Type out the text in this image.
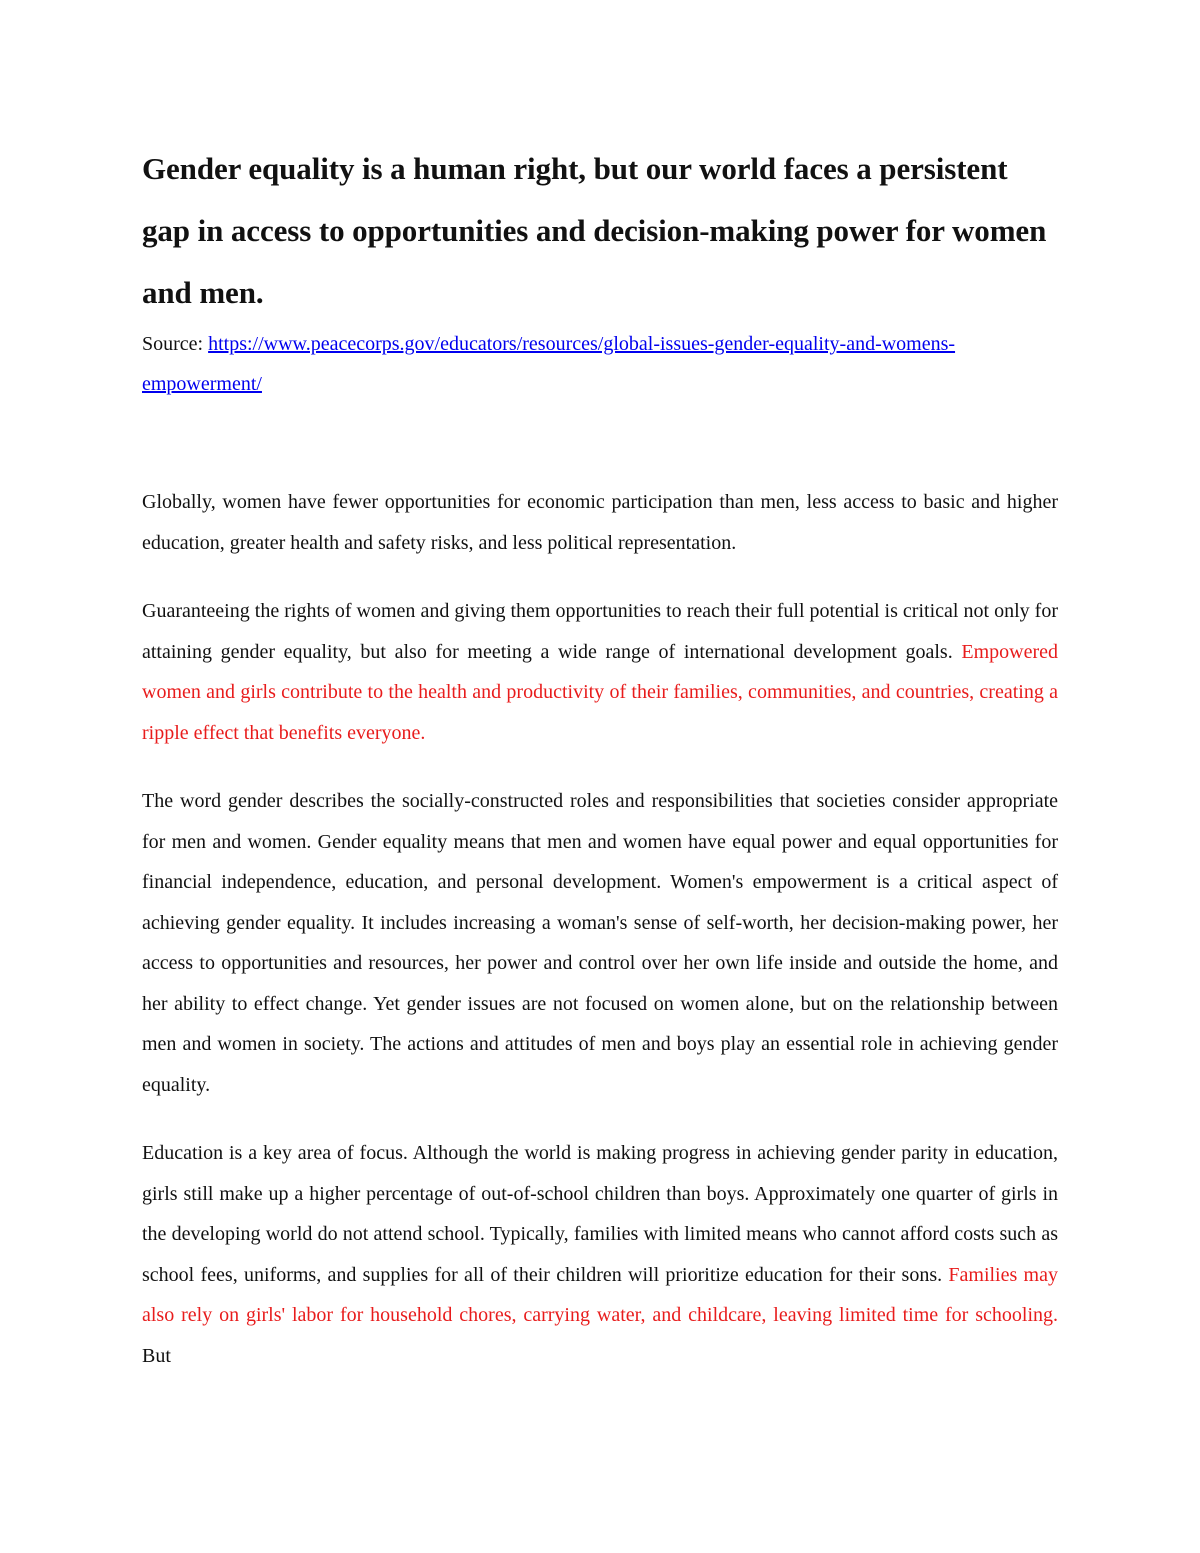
Gender equality is a human right, but our world faces a persistent gap in access to opportunities and decision-making power for women and men.

Source: https://www.peacecorps.gov/educators/resources/global-issues-gender-equality-and-womens-empowerment/

Globally, women have fewer opportunities for economic participation than men, less access to basic and higher education, greater health and safety risks, and less political representation.

Guaranteeing the rights of women and giving them opportunities to reach their full potential is critical not only for attaining gender equality, but also for meeting a wide range of international development goals. Empowered women and girls contribute to the health and productivity of their families, communities, and countries, creating a ripple effect that benefits everyone.

The word gender describes the socially-constructed roles and responsibilities that societies consider appropriate for men and women. Gender equality means that men and women have equal power and equal opportunities for financial independence, education, and personal development. Women's empowerment is a critical aspect of achieving gender equality. It includes increasing a woman's sense of self-worth, her decision-making power, her access to opportunities and resources, her power and control over her own life inside and outside the home, and her ability to effect change. Yet gender issues are not focused on women alone, but on the relationship between men and women in society. The actions and attitudes of men and boys play an essential role in achieving gender equality.

Education is a key area of focus. Although the world is making progress in achieving gender parity in education, girls still make up a higher percentage of out-of-school children than boys. Approximately one quarter of girls in the developing world do not attend school. Typically, families with limited means who cannot afford costs such as school fees, uniforms, and supplies for all of their children will prioritize education for their sons. Families may also rely on girls' labor for household chores, carrying water, and childcare, leaving limited time for schooling. But
